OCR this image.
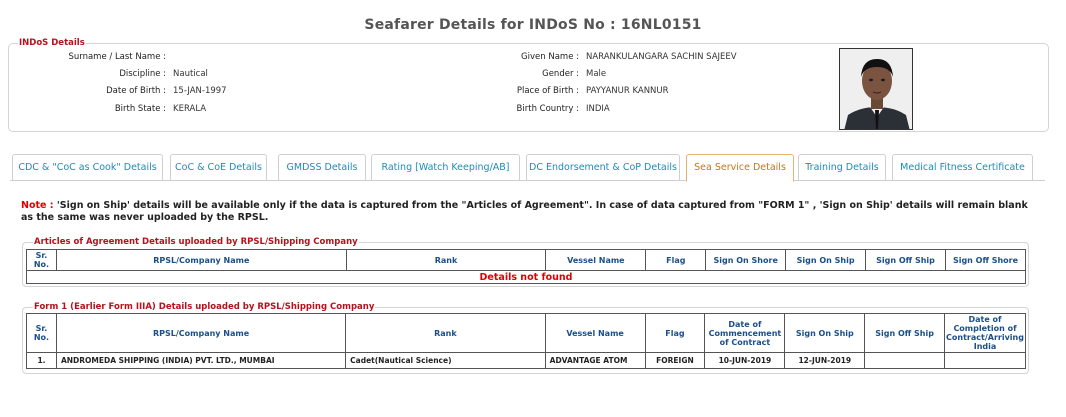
Seafarer Details for INDoS No : 16NL0151
INDoS Details
Surname / Last Name :
Discipline : Nautical
Date of Birth : 15-JAN-1997
Birth State : KERALA
Given Name : NARANKULANGARA SACHIN SAJEEV
Gender : Male
Place of Birth : PAYYANUR KANNUR
Birth Country : INDIA
CDC & "CoC as Cook" Details	CoC & CoE Details	GMDSS Details	Rating [Watch Keeping/AB]	DC Endorsement & CoP Details	Sea Service Details	Training Details	Medical Fitness Certificate
Note : 'Sign on Ship' details will be available only if the data is captured from the "Articles of Agreement". In case of data captured from "FORM 1" , 'Sign on Ship' details will remain blank as the same was never uploaded by the RPSL.
Articles of Agreement Details uploaded by RPSL/Shipping Company
Sr. No.	RPSL/Company Name	Rank	Vessel Name	Flag	Sign On Shore	Sign On Ship	Sign Off Ship	Sign Off Shore
Details not found
Form 1 (Earlier Form IIIA) Details uploaded by RPSL/Shipping Company
Sr. No.	RPSL/Company Name	Rank	Vessel Name	Flag	Date of Commencement of Contract	Sign On Ship	Sign Off Ship	Date of Completion of Contract/Arriving India
1.	ANDROMEDA SHIPPING (INDIA) PVT. LTD., MUMBAI	Cadet(Nautical Science)	ADVANTAGE ATOM	FOREIGN	10-JUN-2019	12-JUN-2019		
